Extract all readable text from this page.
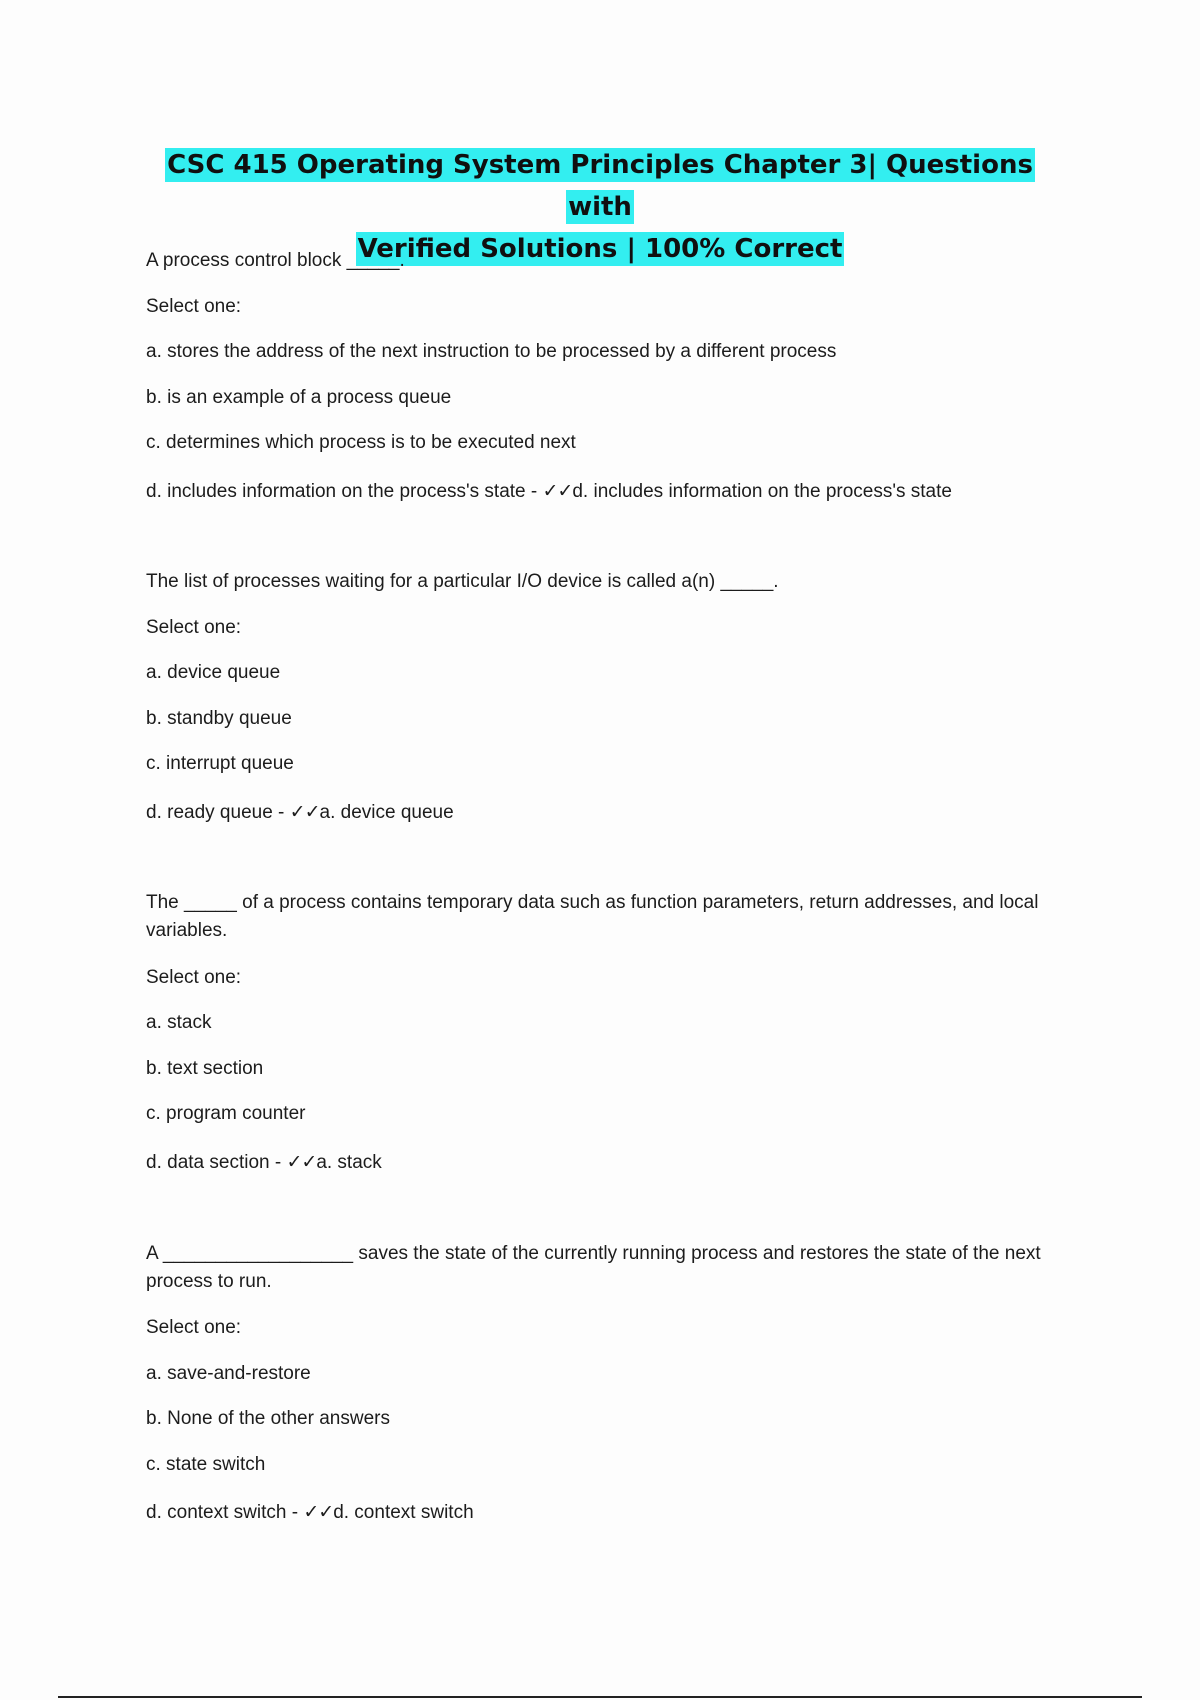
CSC 415 Operating System Principles Chapter 3| Questions with
Verified Solutions | 100% Correct
A process control block _____.
Select one:
a. stores the address of the next instruction to be processed by a different process
b. is an example of a process queue
c. determines which process is to be executed next
d. includes information on the process's state - ✓✓d. includes information on the process's state
The list of processes waiting for a particular I/O device is called a(n) _____.
Select one:
a. device queue
b. standby queue
c. interrupt queue
d. ready queue - ✓✓a. device queue
The _____ of a process contains temporary data such as function parameters, return addresses, and local variables.
Select one:
a. stack
b. text section
c. program counter
d. data section - ✓✓a. stack
A __________________ saves the state of the currently running process and restores the state of the next process to run.
Select one:
a. save-and-restore
b. None of the other answers
c. state switch
d. context switch - ✓✓d. context switch
